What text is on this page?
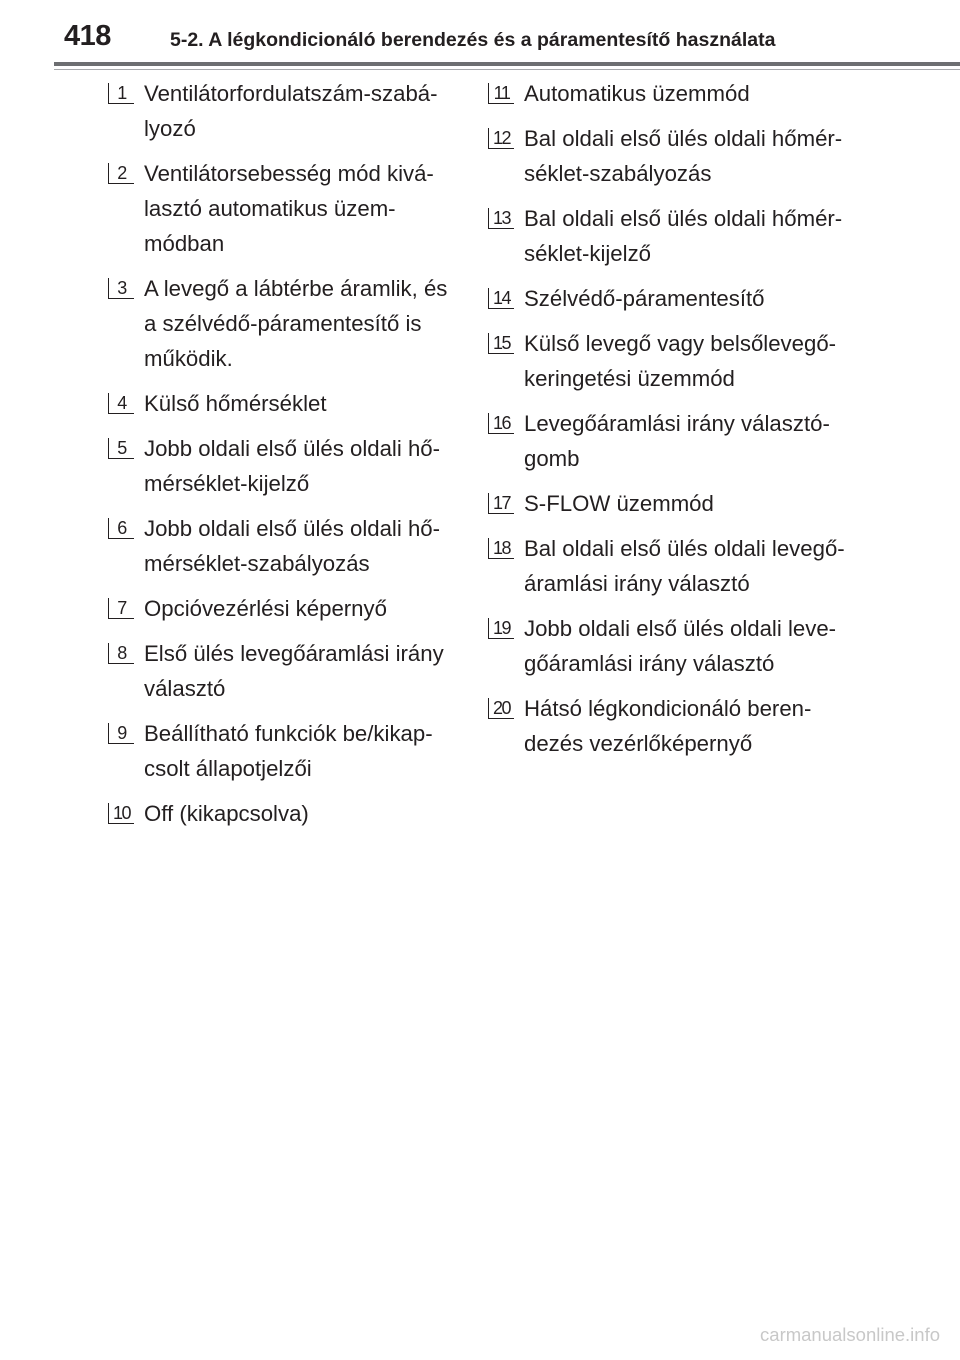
418	5-2. A légkondicionáló berendezés és a páramentesítő használata
1 Ventilátorfordulatszám-szabá-
lyozó
2 Ventilátorsebesség mód kivá-
lasztó automatikus üzem-
módban
3 A levegő a lábtérbe áramlik, és
a szélvédő-páramentesítő is
működik.
4 Külső hőmérséklet
5 Jobb oldali első ülés oldali hő-
mérséklet-kijelző
6 Jobb oldali első ülés oldali hő-
mérséklet-szabályozás
7 Opcióvezérlési képernyő
8 Első ülés levegőáramlási irány
választó
9 Beállítható funkciók be/kikap-
csolt állapotjelzői
10 Off (kikapcsolva)
11 Automatikus üzemmód
12 Bal oldali első ülés oldali hőmér-
séklet-szabályozás
13 Bal oldali első ülés oldali hőmér-
séklet-kijelző
14 Szélvédő-páramentesítő
15 Külső levegő vagy belsőlevegő-
keringetési üzemmód
16 Levegőáramlási irány választó-
gomb
17 S-FLOW üzemmód
18 Bal oldali első ülés oldali levegő-
áramlási irány választó
19 Jobb oldali első ülés oldali leve-
gőáramlási irány választó
20 Hátsó légkondicionáló beren-
dezés vezérlőképernyő
carmanualsonline.info
